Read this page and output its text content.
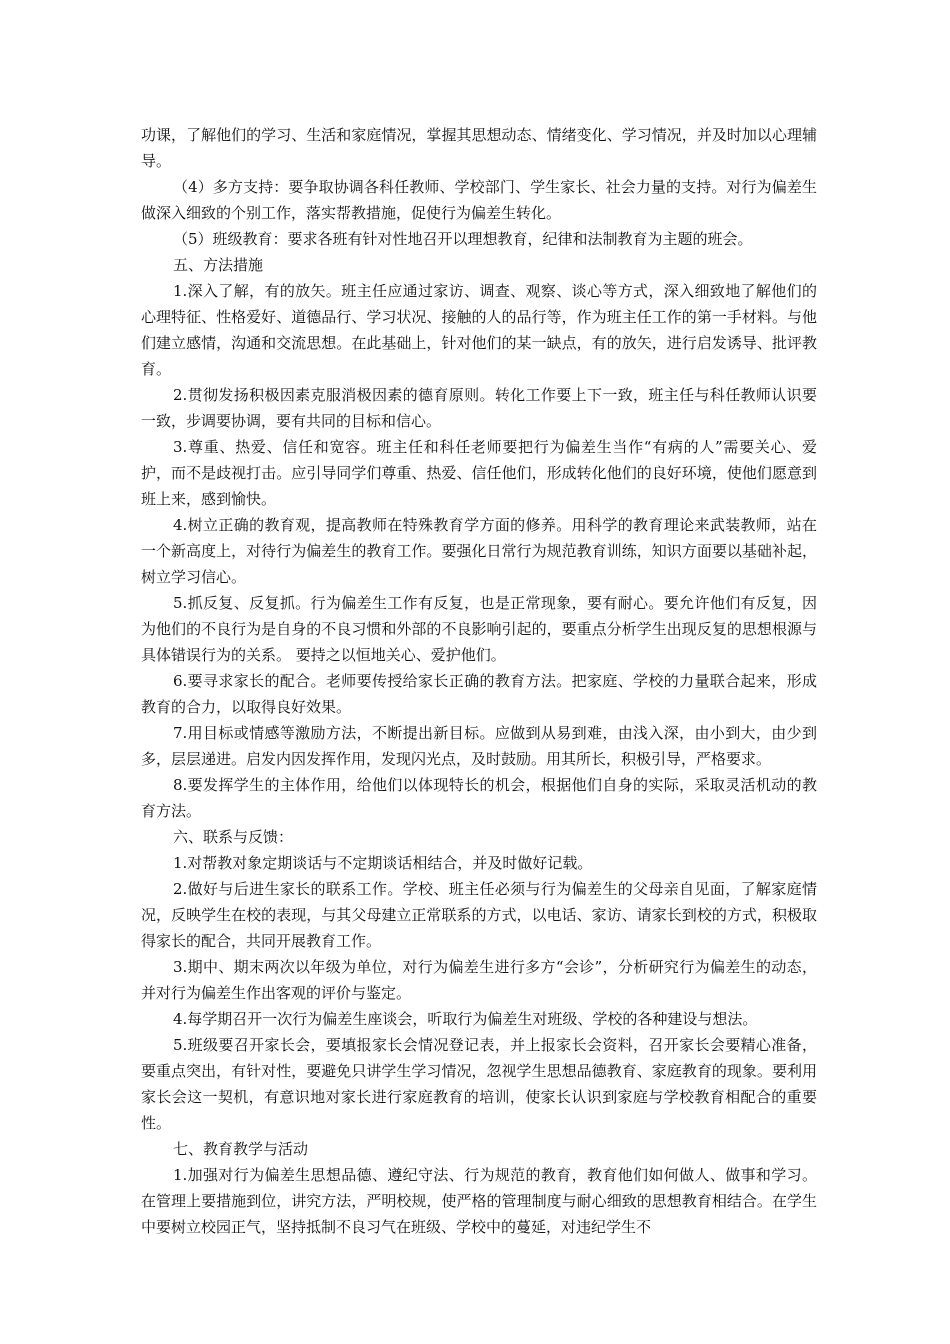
功课，了解他们的学习、生活和家庭情况，掌握其思想动态、情绪变化、学习情况，并及时加以心理辅导。

（4）多方支持：要争取协调各科任教师、学校部门、学生家长、社会力量的支持。对行为偏差生做深入细致的个别工作，落实帮教措施，促使行为偏差生转化。

（5）班级教育：要求各班有针对性地召开以理想教育，纪律和法制教育为主题的班会。

五、方法措施

1.深入了解，有的放矢。班主任应通过家访、调查、观察、谈心等方式，深入细致地了解他们的心理特征、性格爱好、道德品行、学习状况、接触的人的品行等，作为班主任工作的第一手材料。与他们建立感情，沟通和交流思想。在此基础上，针对他们的某一缺点，有的放矢，进行启发诱导、批评教育。

2.贯彻发扬积极因素克服消极因素的德育原则。转化工作要上下一致，班主任与科任教师认识要一致，步调要协调，要有共同的目标和信心。

3.尊重、热爱、信任和宽容。班主任和科任老师要把行为偏差生当作“有病的人”需要关心、爱护，而不是歧视打击。应引导同学们尊重、热爱、信任他们，形成转化他们的良好环境，使他们愿意到班上来，感到愉快。

4.树立正确的教育观，提高教师在特殊教育学方面的修养。用科学的教育理论来武装教师，站在一个新高度上，对待行为偏差生的教育工作。要强化日常行为规范教育训练，知识方面要以基础补起，树立学习信心。

5.抓反复、反复抓。行为偏差生工作有反复，也是正常现象，要有耐心。要允许他们有反复，因为他们的不良行为是自身的不良习惯和外部的不良影响引起的，要重点分析学生出现反复的思想根源与具体错误行为的关系。 要持之以恒地关心、爱护他们。

6.要寻求家长的配合。老师要传授给家长正确的教育方法。把家庭、学校的力量联合起来，形成教育的合力，以取得良好效果。

7.用目标或情感等激励方法，不断提出新目标。应做到从易到难，由浅入深，由小到大，由少到多，层层递进。启发内因发挥作用，发现闪光点，及时鼓励。用其所长，积极引导，严格要求。

8.要发挥学生的主体作用，给他们以体现特长的机会，根据他们自身的实际，采取灵活机动的教育方法。

六、联系与反馈：

1.对帮教对象定期谈话与不定期谈话相结合，并及时做好记载。

2.做好与后进生家长的联系工作。学校、班主任必须与行为偏差生的父母亲自见面，了解家庭情况，反映学生在校的表现，与其父母建立正常联系的方式，以电话、家访、请家长到校的方式，积极取得家长的配合，共同开展教育工作。

3.期中、期末两次以年级为单位，对行为偏差生进行多方“会诊”，分析研究行为偏差生的动态，并对行为偏差生作出客观的评价与鉴定。

4.每学期召开一次行为偏差生座谈会，听取行为偏差生对班级、学校的各种建设与想法。

5.班级要召开家长会，要填报家长会情况登记表，并上报家长会资料，召开家长会要精心准备，要重点突出，有针对性，要避免只讲学生学习情况，忽视学生思想品德教育、家庭教育的现象。要利用家长会这一契机，有意识地对家长进行家庭教育的培训，使家长认识到家庭与学校教育相配合的重要性。

七、教育教学与活动

1.加强对行为偏差生思想品德、遵纪守法、行为规范的教育，教育他们如何做人、做事和学习。在管理上要措施到位，讲究方法，严明校规，使严格的管理制度与耐心细致的思想教育相结合。在学生中要树立校园正气，坚持抵制不良习气在班级、学校中的蔓延，对违纪学生不
